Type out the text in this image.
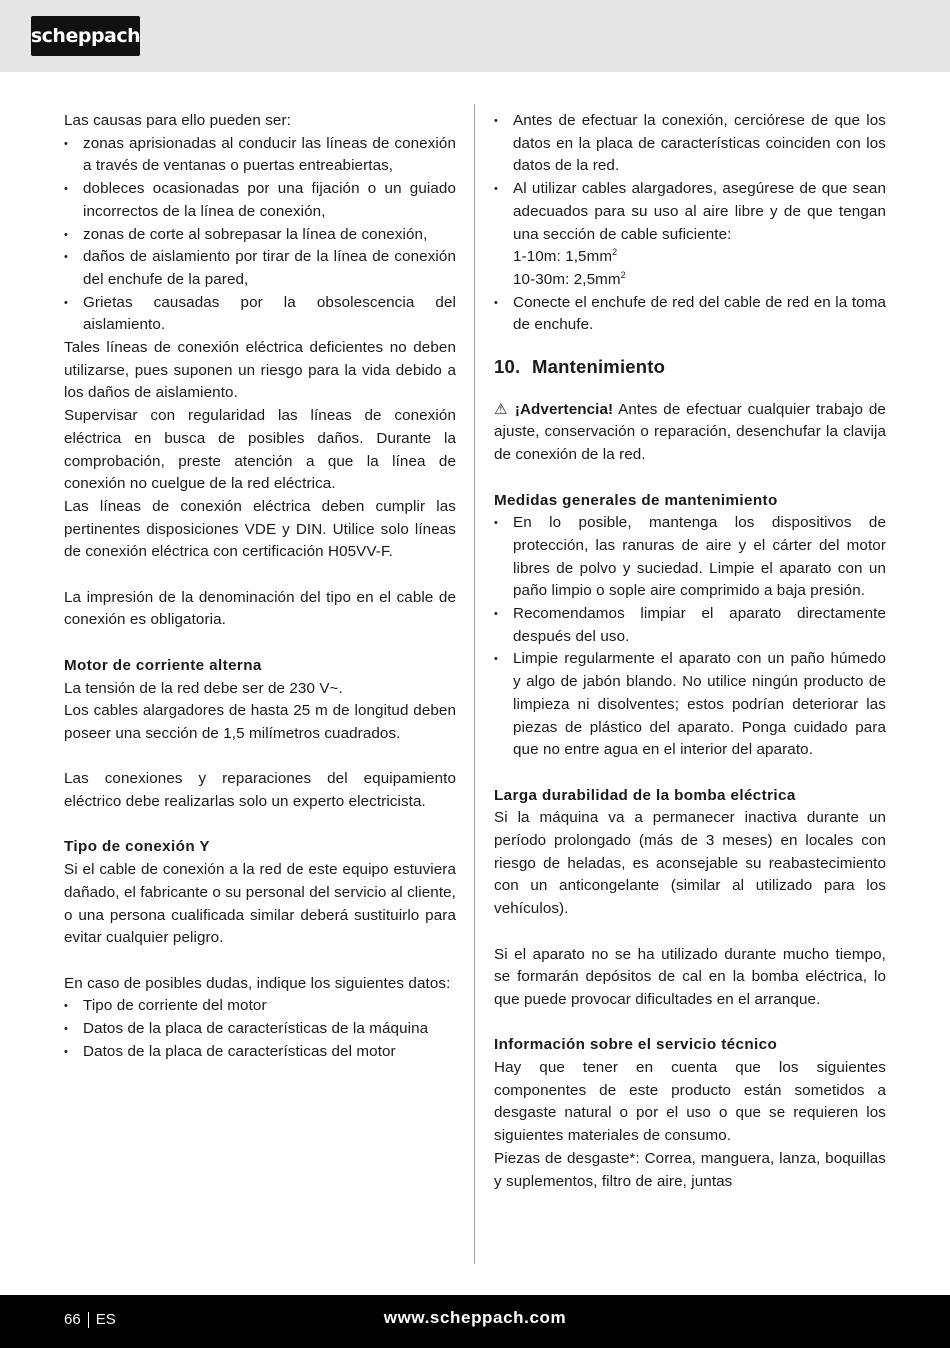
scheppach

Las causas para ello pueden ser:

• zonas aprisionadas al conducir las líneas de conexión a través de ventanas o puertas entreabiertas,
• dobleces ocasionadas por una fijación o un guiado incorrectos de la línea de conexión,
• zonas de corte al sobrepasar la línea de conexión,
• daños de aislamiento por tirar de la línea de conexión del enchufe de la pared,
• Grietas causadas por la obsolescencia del aislamiento.

Tales líneas de conexión eléctrica deficientes no deben utilizarse, pues suponen un riesgo para la vida debido a los daños de aislamiento.

Supervisar con regularidad las líneas de conexión eléctrica en busca de posibles daños. Durante la comprobación, preste atención a que la línea de conexión no cuelgue de la red eléctrica.

Las líneas de conexión eléctrica deben cumplir las pertinentes disposiciones VDE y DIN. Utilice solo líneas de conexión eléctrica con certificación H05VV-F.

La impresión de la denominación del tipo en el cable de conexión es obligatoria.

Motor de corriente alterna

La tensión de la red debe ser de 230 V~.

Los cables alargadores de hasta 25 m de longitud deben poseer una sección de 1,5 milímetros cuadrados.

Las conexiones y reparaciones del equipamiento eléctrico debe realizarlas solo un experto electricista.

Tipo de conexión Y

Si el cable de conexión a la red de este equipo estuviera dañado, el fabricante o su personal del servicio al cliente, o una persona cualificada similar deberá sustituirlo para evitar cualquier peligro.

En caso de posibles dudas, indique los siguientes datos:

• Tipo de corriente del motor
• Datos de la placa de características de la máquina
• Datos de la placa de características del motor
• Antes de efectuar la conexión, cerciórese de que los datos en la placa de características coinciden con los datos de la red.
• Al utilizar cables alargadores, asegúrese de que sean adecuados para su uso al aire libre y de que tengan una sección de cable suficiente:
1-10m: $1,5mm^2$
10-30m: $2,5mm^2$
• Conecte el enchufe de red del cable de red en la toma de enchufe.
10. Mantenimiento

⚠ ¡Advertencia! Antes de efectuar cualquier trabajo de ajuste, conservación o reparación, desenchufar la clavija de conexión de la red.

Medidas generales de mantenimiento

• En lo posible, mantenga los dispositivos de protección, las ranuras de aire y el cárter del motor libres de polvo y suciedad. Limpie el aparato con un paño limpio o sople aire comprimido a baja presión.
• Recomendamos limpiar el aparato directamente después del uso.
• Limpie regularmente el aparato con un paño húmedo y algo de jabón blando. No utilice ningún producto de limpieza ni disolventes; estos podrían deteriorar las piezas de plástico del aparato. Ponga cuidado para que no entre agua en el interior del aparato.

Larga durabilidad de la bomba eléctrica

Si la máquina va a permanecer inactiva durante un período prolongado (más de 3 meses) en locales con riesgo de heladas, es aconsejable su reabastecimiento con un anticongelante (similar al utilizado para los vehículos).

Si el aparato no se ha utilizado durante mucho tiempo, se formarán depósitos de cal en la bomba eléctrica, lo que puede provocar dificultades en el arranque.

Información sobre el servicio técnico

Hay que tener en cuenta que los siguientes componentes de este producto están sometidos a desgaste natural o por el uso o que se requieren los siguientes materiales de consumo.

Piezas de desgaste*: Correa, manguera, lanza, boquillas y suplementos, filtro de aire, juntas

66 ES	www.scheppach.com
